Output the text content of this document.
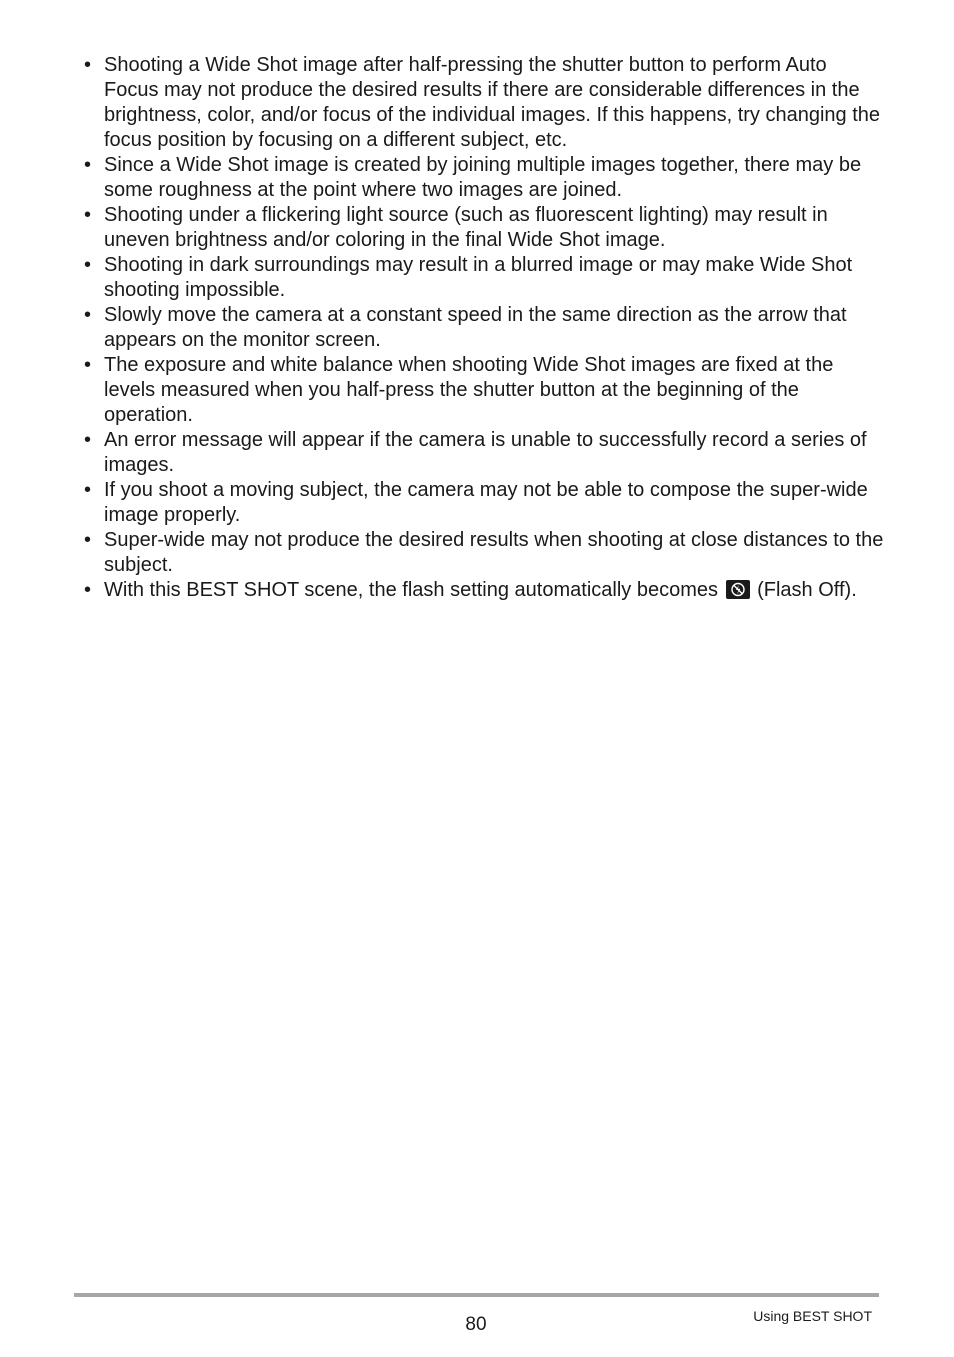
• Shooting a Wide Shot image after half-pressing the shutter button to perform Auto Focus may not produce the desired results if there are considerable differences in the brightness, color, and/or focus of the individual images. If this happens, try changing the focus position by focusing on a different subject, etc.
• Since a Wide Shot image is created by joining multiple images together, there may be some roughness at the point where two images are joined.
• Shooting under a flickering light source (such as fluorescent lighting) may result in uneven brightness and/or coloring in the final Wide Shot image.
• Shooting in dark surroundings may result in a blurred image or may make Wide Shot shooting impossible.
• Slowly move the camera at a constant speed in the same direction as the arrow that appears on the monitor screen.
• The exposure and white balance when shooting Wide Shot images are fixed at the levels measured when you half-press the shutter button at the beginning of the operation.
• An error message will appear if the camera is unable to successfully record a series of images.
• If you shoot a moving subject, the camera may not be able to compose the super-wide image properly.
• Super-wide may not produce the desired results when shooting at close distances to the subject.
• With this BEST SHOT scene, the flash setting automatically becomes (Flash Off).
80	Using BEST SHOT
